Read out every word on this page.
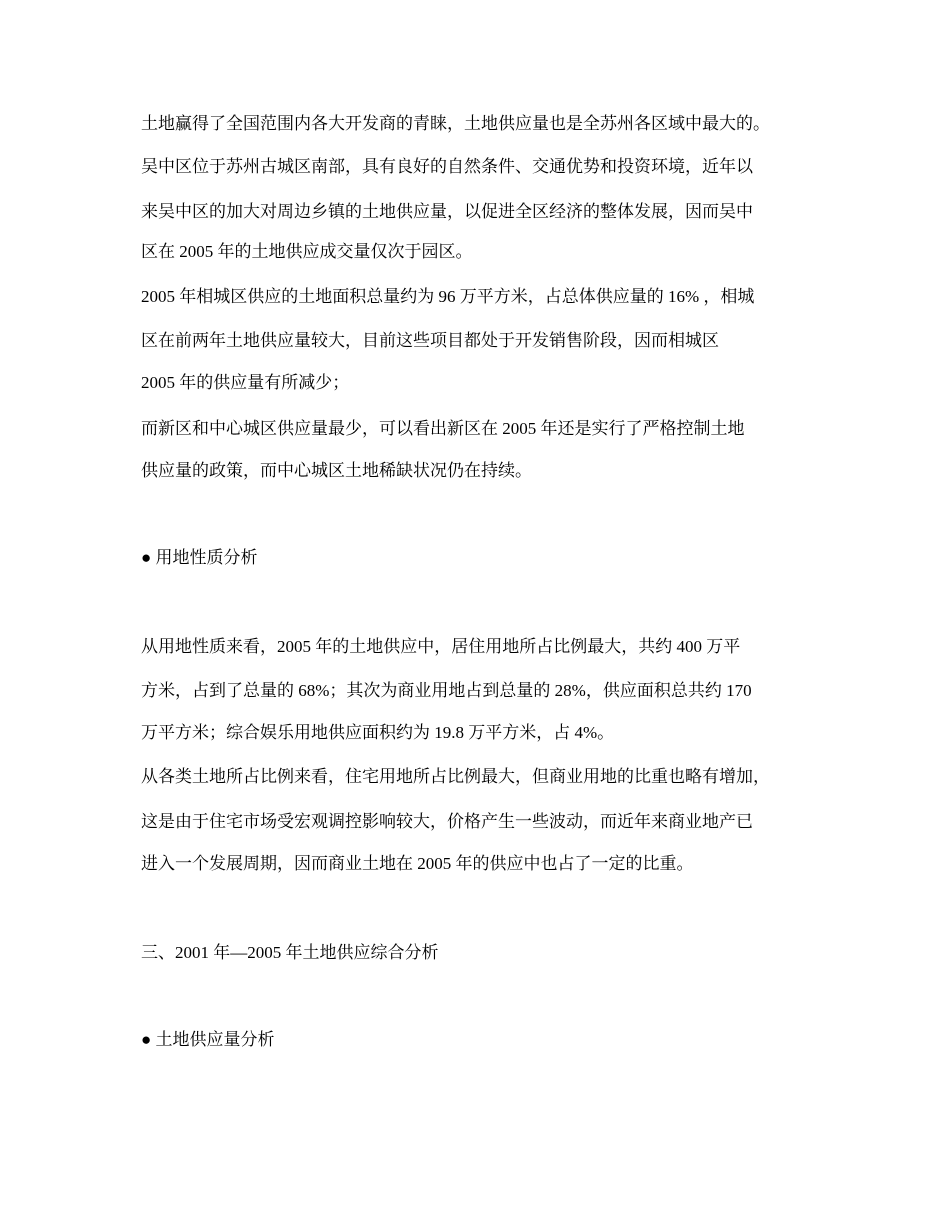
土地赢得了全国范围内各大开发商的青睐，土地供应量也是全苏州各区域中最大的。
吴中区位于苏州古城区南部，具有良好的自然条件、交通优势和投资环境，近年以
来吴中区的加大对周边乡镇的土地供应量，以促进全区经济的整体发展，因而吴中
区在 2005 年的土地供应成交量仅次于园区。
2005 年相城区供应的土地面积总量约为 96 万平方米，占总体供应量的 16% ，相城
区在前两年土地供应量较大，目前这些项目都处于开发销售阶段，因而相城区
2005 年的供应量有所减少；
而新区和中心城区供应量最少，可以看出新区在 2005 年还是实行了严格控制土地
供应量的政策，而中心城区土地稀缺状况仍在持续。
● 用地性质分析
从用地性质来看，2005 年的土地供应中，居住用地所占比例最大，共约 400 万平
方米，占到了总量的 68%；其次为商业用地占到总量的 28%，供应面积总共约 170
万平方米；综合娱乐用地供应面积约为 19.8 万平方米，占 4%。
从各类土地所占比例来看，住宅用地所占比例最大，但商业用地的比重也略有增加，
这是由于住宅市场受宏观调控影响较大，价格产生一些波动，而近年来商业地产已
进入一个发展周期，因而商业土地在 2005 年的供应中也占了一定的比重。
三、2001 年—2005 年土地供应综合分析
● 土地供应量分析
